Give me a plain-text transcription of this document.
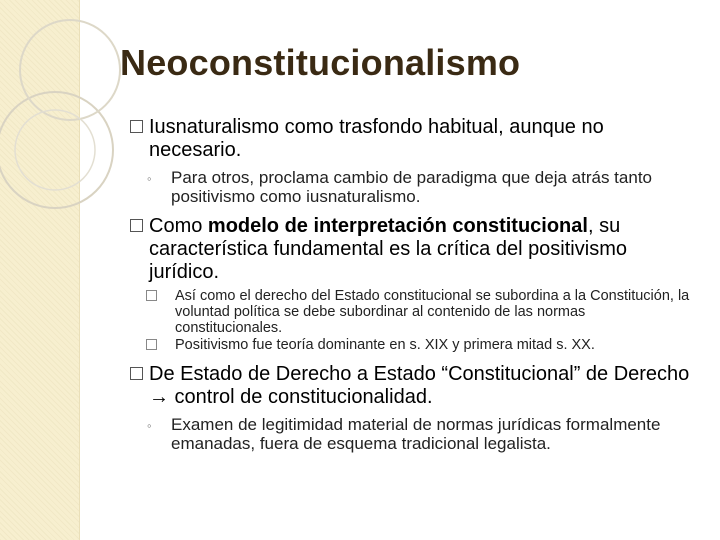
Neoconstitucionalismo
Iusnaturalismo como trasfondo habitual, aunque no necesario.
◦ Para otros, proclama cambio de paradigma que deja atrás tanto positivismo como iusnaturalismo.
Como modelo de interpretación constitucional, su característica fundamental es la crítica del positivismo jurídico.
Así como el derecho del Estado constitucional se subordina a la Constitución, la voluntad política se debe subordinar al contenido de las normas constitucionales.
Positivismo fue teoría dominante en s. XIX y primera mitad s. XX.
De Estado de Derecho a Estado “Constitucional” de Derecho → control de constitucionalidad.
◦ Examen de legitimidad material de normas jurídicas formalmente emanadas, fuera de esquema tradicional legalista.
